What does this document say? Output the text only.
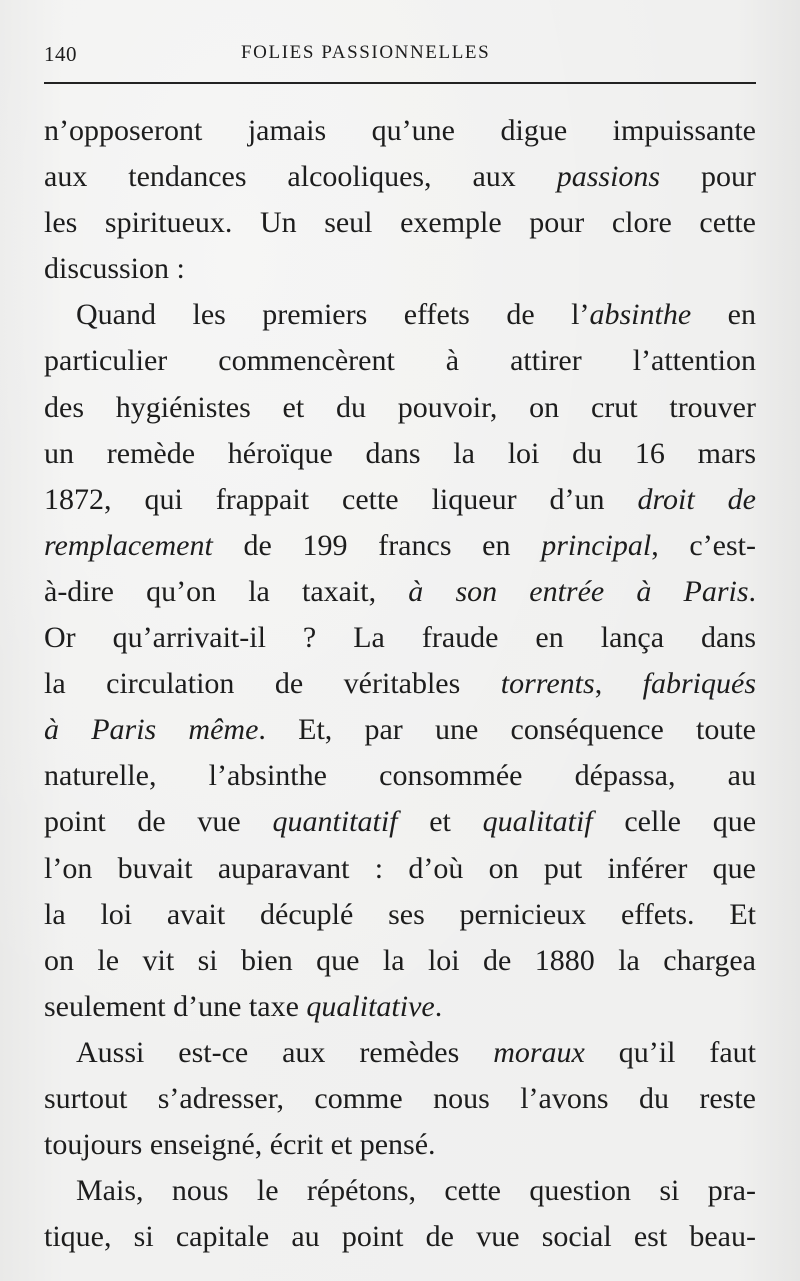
140	FOLIES PASSIONNELLES
n’opposeront jamais qu’une digue impuissante
aux tendances alcooliques, aux passions pour
les spiritueux. Un seul exemple pour clore cette
discussion :
Quand les premiers effets de l’absinthe en
particulier commencèrent à attirer l’attention
des hygiénistes et du pouvoir, on crut trouver
un remède héroïque dans la loi du 16 mars
1872, qui frappait cette liqueur d’un droit de
remplacement de 199 francs en principal, c’est-
à-dire qu’on la taxait, à son entrée à Paris.
Or qu’arrivait-il ? La fraude en lança dans
la circulation de véritables torrents, fabriqués
à Paris même. Et, par une conséquence toute
naturelle, l’absinthe consommée dépassa, au
point de vue quantitatif et qualitatif celle que
l’on buvait auparavant : d’où on put inférer que
la loi avait décuplé ses pernicieux effets. Et
on le vit si bien que la loi de 1880 la chargea
seulement d’une taxe qualitative.
Aussi est-ce aux remèdes moraux qu’il faut
surtout s’adresser, comme nous l’avons du reste
toujours enseigné, écrit et pensé.
Mais, nous le répétons, cette question si pra-
tique, si capitale au point de vue social est beau-
